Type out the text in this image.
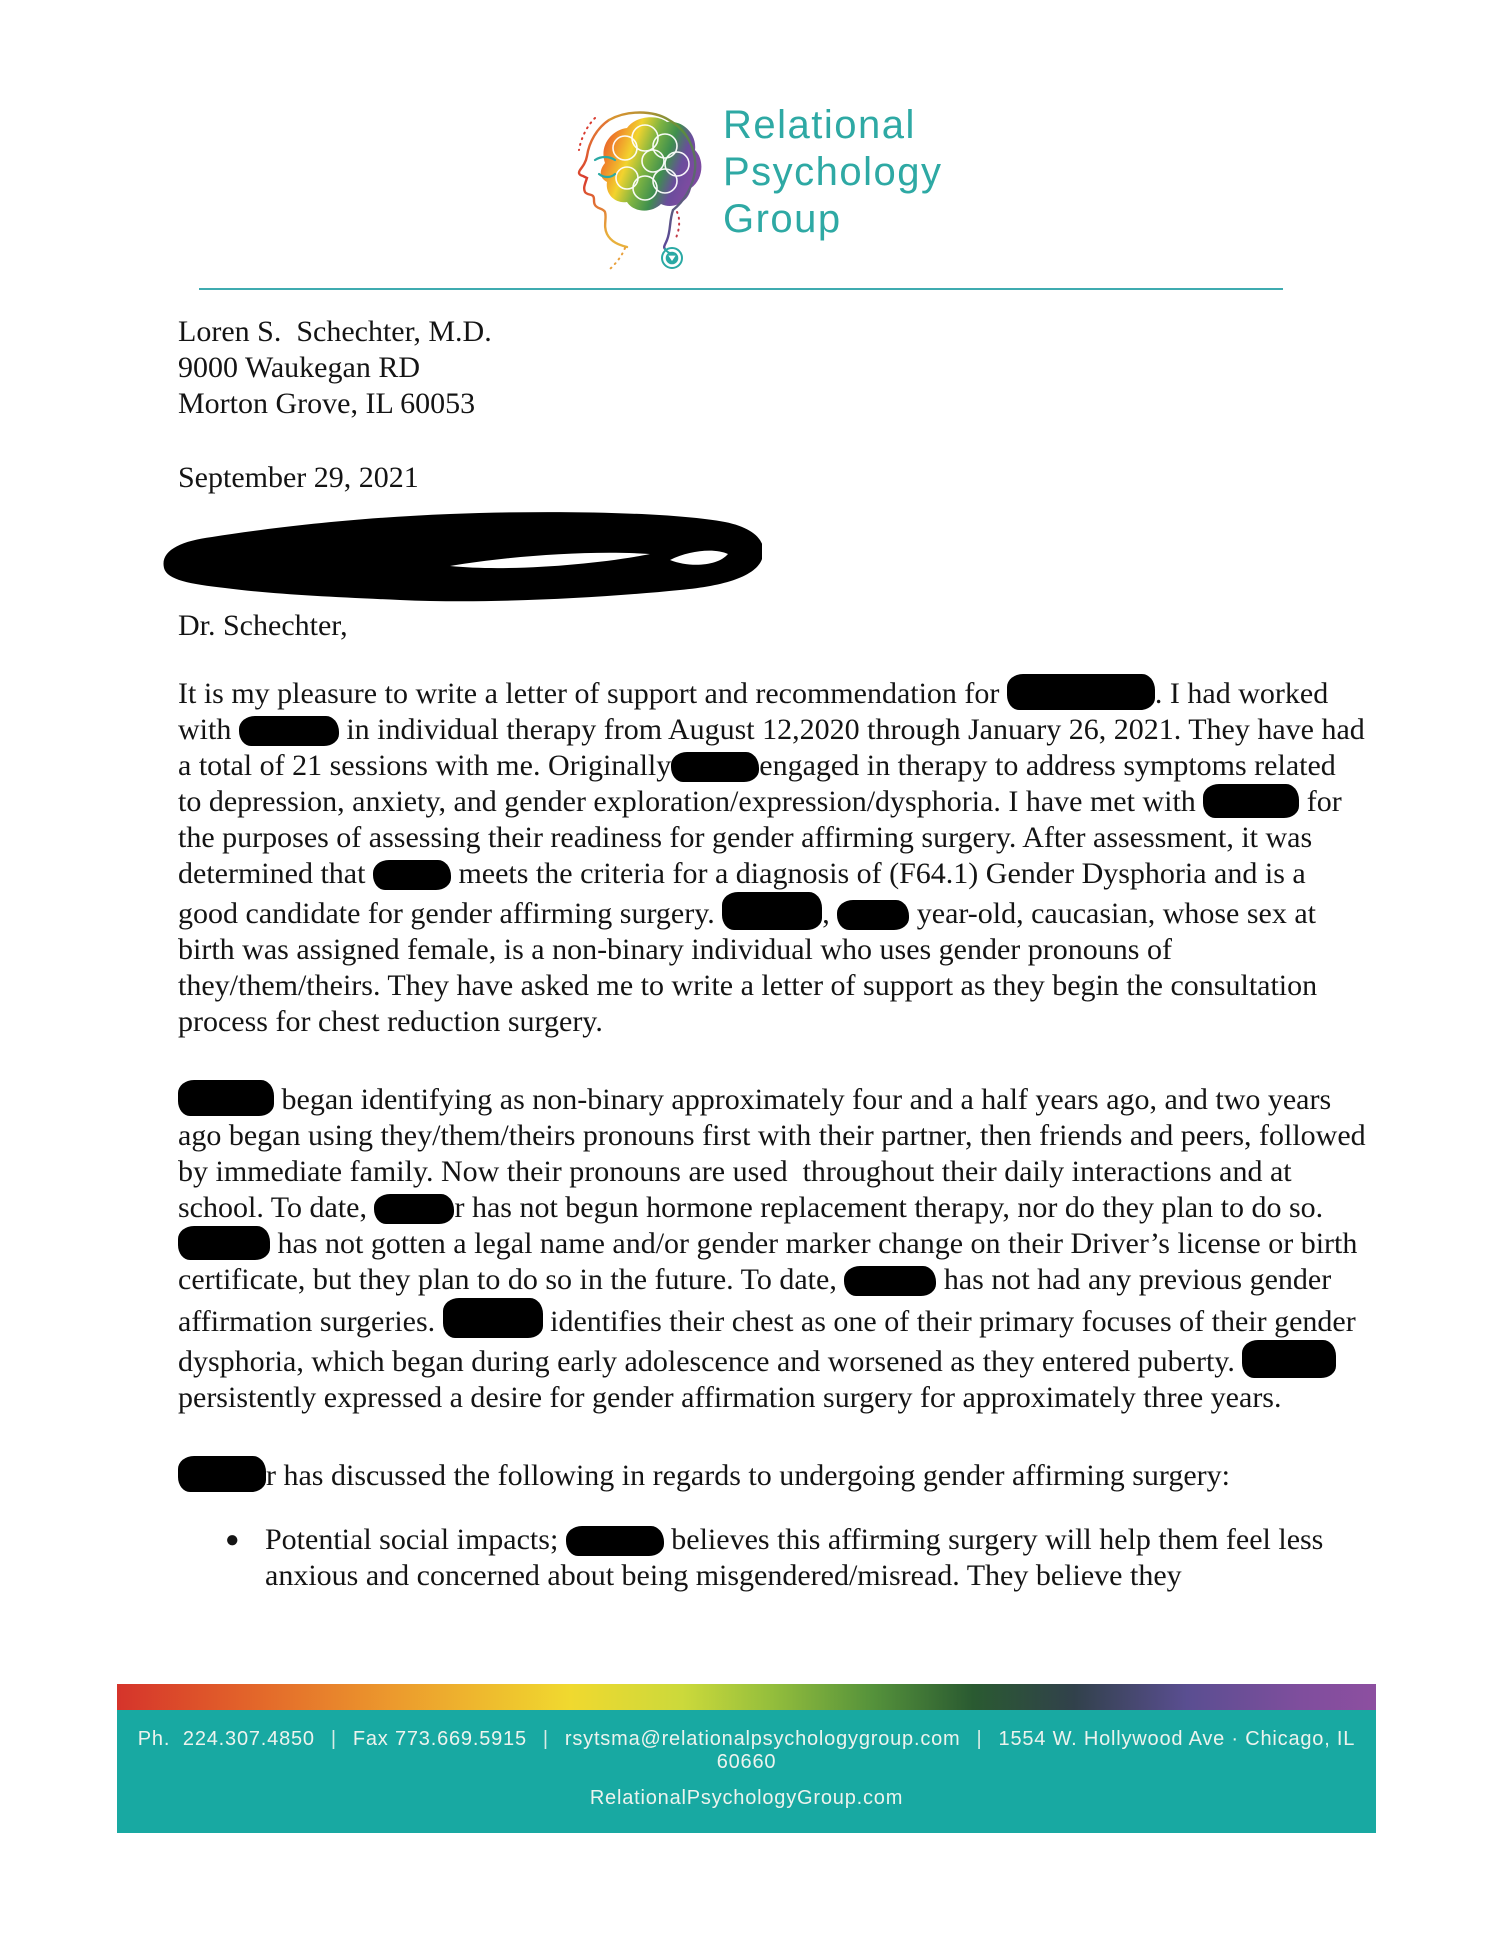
Relational
Psychology
Group
Loren S.  Schechter, M.D.
9000 Waukegan RD
Morton Grove, IL 60053
September 29, 2021
Dr. Schechter,

It is my pleasure to write a letter of support and recommendation for	. I had worked with	in individual therapy from August 12,2020 through January 26, 2021. They have had a total of 21 sessions with me. Originally	engaged in therapy to address symptoms related to depression, anxiety, and gender exploration/expression/dysphoria. I have met with	for the purposes of assessing their readiness for gender affirming surgery. After assessment, it was determined that	meets the criteria for a diagnosis of (F64.1) Gender Dysphoria and is a good candidate for gender affirming surgery.	,  year-old, caucasian, whose sex at birth was assigned female, is a non-binary individual who uses gender pronouns of they/them/theirs. They have asked me to write a letter of support as they begin the consultation process for chest reduction surgery.

began identifying as non-binary approximately four and a half years ago, and two years ago began using they/them/theirs pronouns first with their partner, then friends and peers, followed by immediate family. Now their pronouns are used  throughout their daily interactions and at school. To date,	r has not begun hormone replacement therapy, nor do they plan to do so.  has not gotten a legal name and/or gender marker change on their Driver’s license or birth certificate, but they plan to do so in the future. To date,	has not had any previous gender affirmation surgeries.	identifies their chest as one of their primary focuses of their gender dysphoria, which began during early adolescence and worsened as they entered puberty.  persistently expressed a desire for gender affirmation surgery for approximately three years.

r has discussed the following in regards to undergoing gender affirming surgery:

● Potential social impacts;	believes this affirming surgery will help them feel less anxious and concerned about being misgendered/misread. They believe they
Ph.  224.307.4850 | Fax 773.669.5915 | rsytsma@relationalpsychologygroup.com | 1554 W. Hollywood Ave · Chicago, IL 60660
RelationalPsychologyGroup.com
